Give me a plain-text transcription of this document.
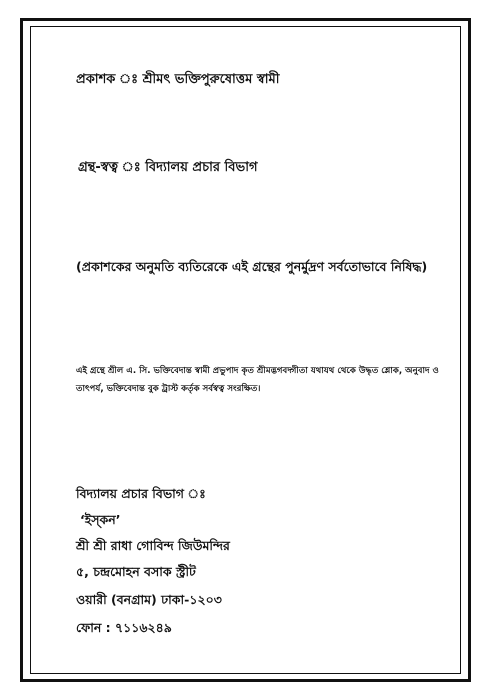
প্রকাশক ঃ শ্রীমৎ ভক্তিপুরুষোত্তম স্বামী
গ্রন্থ-স্বত্ব ঃ বিদ্যালয় প্রচার বিভাগ
(প্রকাশকের অনুমতি ব্যতিরেকে এই গ্রন্থের পুনর্মুদ্রণ সর্বতোভাবে নিষিদ্ধ)
এই গ্রন্থে শ্রীল এ. সি. ভক্তিবেদান্ত স্বামী প্রভুপাদ কৃত শ্রীমদ্ভগবদ্গীতা যথাযথ থেকে উদ্ধৃত শ্লোক, অনুবাদ ও তাৎপর্য, ভক্তিবেদান্ত বুক ট্রাস্ট কর্তৃক সর্বস্বত্ব সংরক্ষিত।
বিদ্যালয় প্রচার বিভাগ ঃ
‘ইস্‌কন’
শ্রী শ্রী রাধা গোবিন্দ জিউমন্দির
৫, চন্দ্রমোহন বসাক স্ট্রীট
ওয়ারী (বনগ্রাম) ঢাকা-১২০৩
ফোন : ৭১১৬২৪৯
